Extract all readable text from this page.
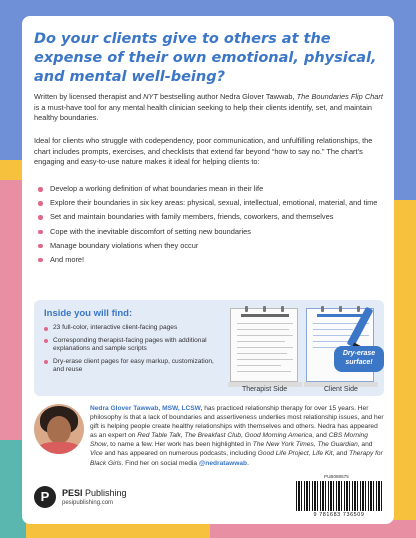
Do your clients give to others at the expense of their own emotional, physical, and mental well-being?

Written by licensed therapist and NYT bestselling author Nedra Glover Tawwab, The Boundaries Flip Chart is a must-have tool for any mental health clinician seeking to help their clients identify, set, and maintain healthy boundaries.

Ideal for clients who struggle with codependency, poor communication, and unfulfilling relationships, the chart includes prompts, exercises, and checklists that extend far beyond “how to say no.” The chart’s engaging and easy-to-use nature makes it ideal for helping clients to:

Develop a working definition of what boundaries mean in their life
Explore their boundaries in six key areas: physical, sexual, intellectual, emotional, material, and time
Set and maintain boundaries with family members, friends, coworkers, and themselves
Cope with the inevitable discomfort of setting new boundaries
Manage boundary violations when they occur
And more!
Inside you will find:
23 full-color, interactive client-facing pages
Corresponding therapist-facing pages with additional explanations and sample scripts
Dry-erase client pages for easy markup, customization, and reuse
Dry-erase surface!
Therapist Side	Client Side

Nedra Glover Tawwab, MSW, LCSW, has practiced relationship therapy for over 15 years. Her philosophy is that a lack of boundaries and assertiveness underlies most relationship issues, and her gift is helping people create healthy relationships with themselves and others. Nedra has appeared as an expert on Red Table Talk, The Breakfast Club, Good Morning America, and CBS Morning Show, to name a few. Her work has been highlighted in The New York Times, The Guardian, and Vice and has appeared on numerous podcasts, including Good Life Project, Life Kit, and Therapy for Black Girls. Find her on social media @nedratawwab.

P	PESI Publishing
pesipublishing.com
PUB088575
9 781683 736509
